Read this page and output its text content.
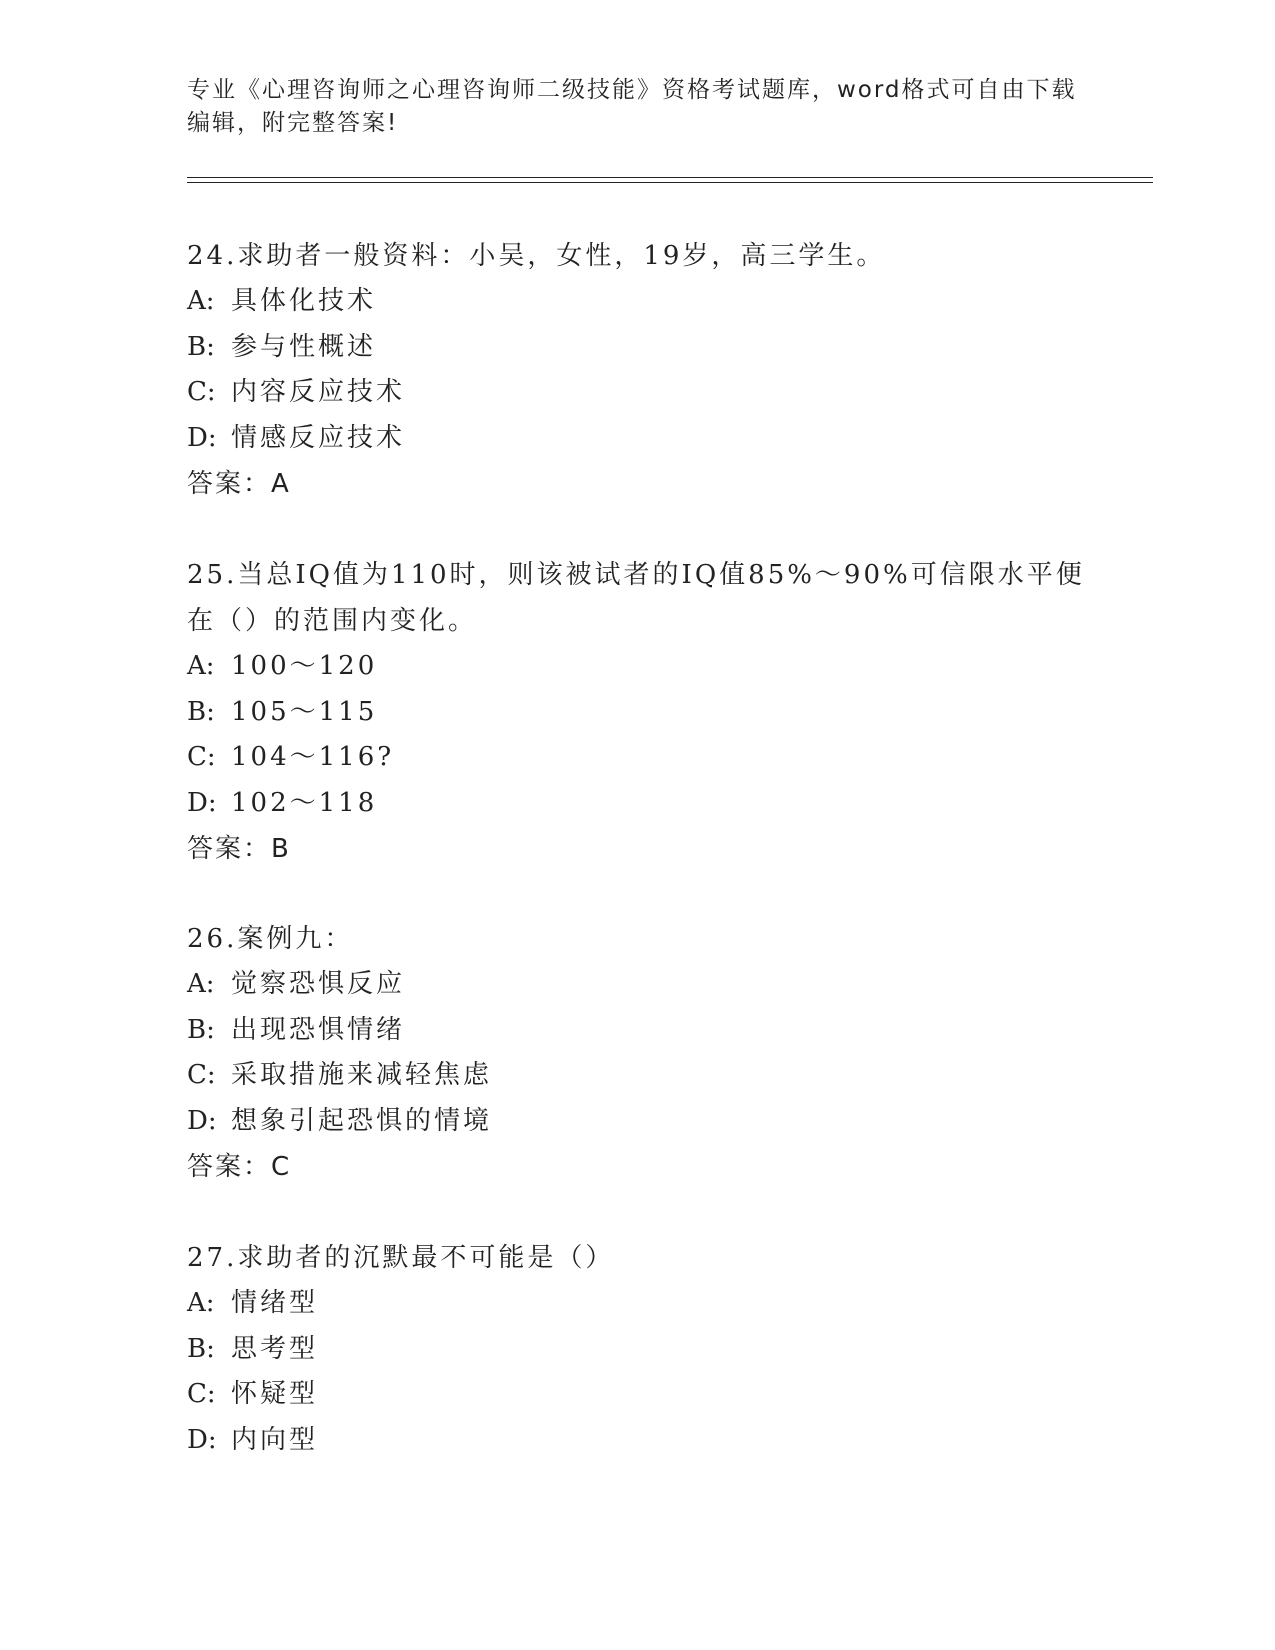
专业《心理咨询师之心理咨询师二级技能》资格考试题库，word格式可自由下载编辑，附完整答案!

24.求助者一般资料：小吴，女性，19岁，高三学生。

A: 具体化技术

B: 参与性概述

C: 内容反应技术

D: 情感反应技术

答案：A

25.当总IQ值为110时，则该被试者的IQ值85%～90%可信限水平便在（）的范围内变化。

A: 100～120

B: 105～115

C: 104～116?

D: 102～118

答案：B

26.案例九：

A: 觉察恐惧反应

B: 出现恐惧情绪

C: 采取措施来减轻焦虑

D: 想象引起恐惧的情境

答案：C

27.求助者的沉默最不可能是（）

A: 情绪型

B: 思考型

C: 怀疑型

D: 内向型
